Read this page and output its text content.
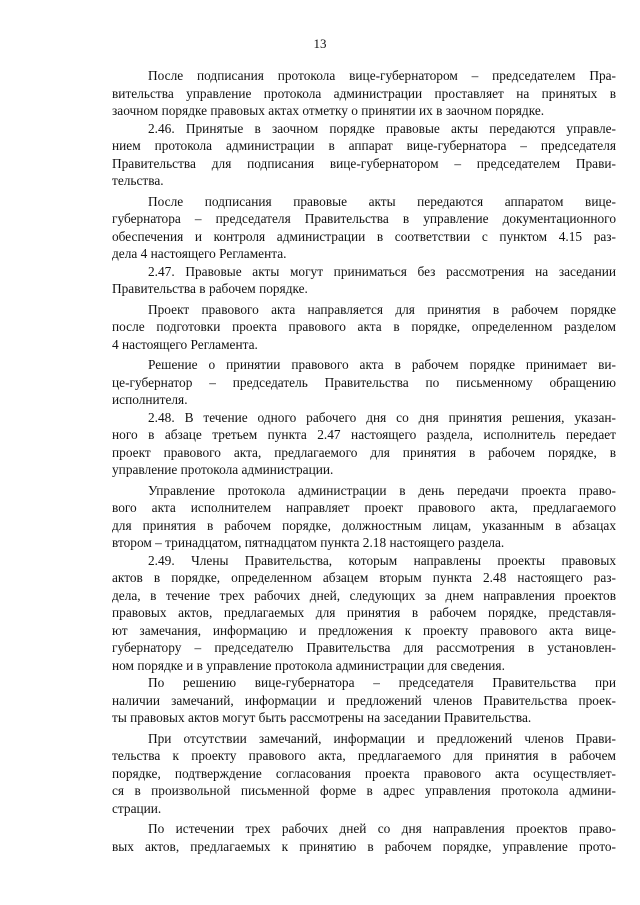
13
После подписания протокола вице-губернатором – председателем Пра-
вительства управление протокола администрации проставляет на принятых в
заочном порядке правовых актах отметку о принятии их в заочном порядке.
2.46. Принятые в заочном порядке правовые акты передаются управле-
нием протокола администрации в аппарат вице-губернатора – председателя
Правительства для подписания вице-губернатором – председателем Прави-
тельства.
После подписания правовые акты передаются аппаратом вице-
губернатора – председателя Правительства в управление документационного
обеспечения и контроля администрации в соответствии с пунктом 4.15 раз-
дела 4 настоящего Регламента.
2.47. Правовые акты могут приниматься без рассмотрения на заседании
Правительства в рабочем порядке.
Проект правового акта направляется для принятия в рабочем порядке
после подготовки проекта правового акта в порядке, определенном разделом
4 настоящего Регламента.
Решение о принятии правового акта в рабочем порядке принимает ви-
це-губернатор – председатель Правительства по письменному обращению
исполнителя.
2.48. В течение одного рабочего дня со дня принятия решения, указан-
ного в абзаце третьем пункта 2.47 настоящего раздела, исполнитель передает
проект правового акта, предлагаемого для принятия в рабочем порядке, в
управление протокола администрации.
Управление протокола администрации в день передачи проекта право-
вого акта исполнителем направляет проект правового акта, предлагаемого
для принятия в рабочем порядке, должностным лицам, указанным в абзацах
втором – тринадцатом, пятнадцатом пункта 2.18 настоящего раздела.
2.49. Члены Правительства, которым направлены проекты правовых
актов в порядке, определенном абзацем вторым пункта 2.48 настоящего раз-
дела, в течение трех рабочих дней, следующих за днем направления проектов
правовых актов, предлагаемых для принятия в рабочем порядке, представля-
ют замечания, информацию и предложения к проекту правового акта вице-
губернатору – председателю Правительства для рассмотрения в установлен-
ном порядке и в управление протокола администрации для сведения.
По решению вице-губернатора – председателя Правительства при
наличии замечаний, информации и предложений членов Правительства проек-
ты правовых актов могут быть рассмотрены на заседании Правительства.
При отсутствии замечаний, информации и предложений членов Прави-
тельства к проекту правового акта, предлагаемого для принятия в рабочем
порядке, подтверждение согласования проекта правового акта осуществляет-
ся в произвольной письменной форме в адрес управления протокола админи-
страции.
По истечении трех рабочих дней со дня направления проектов право-
вых актов, предлагаемых к принятию в рабочем порядке, управление прото-
